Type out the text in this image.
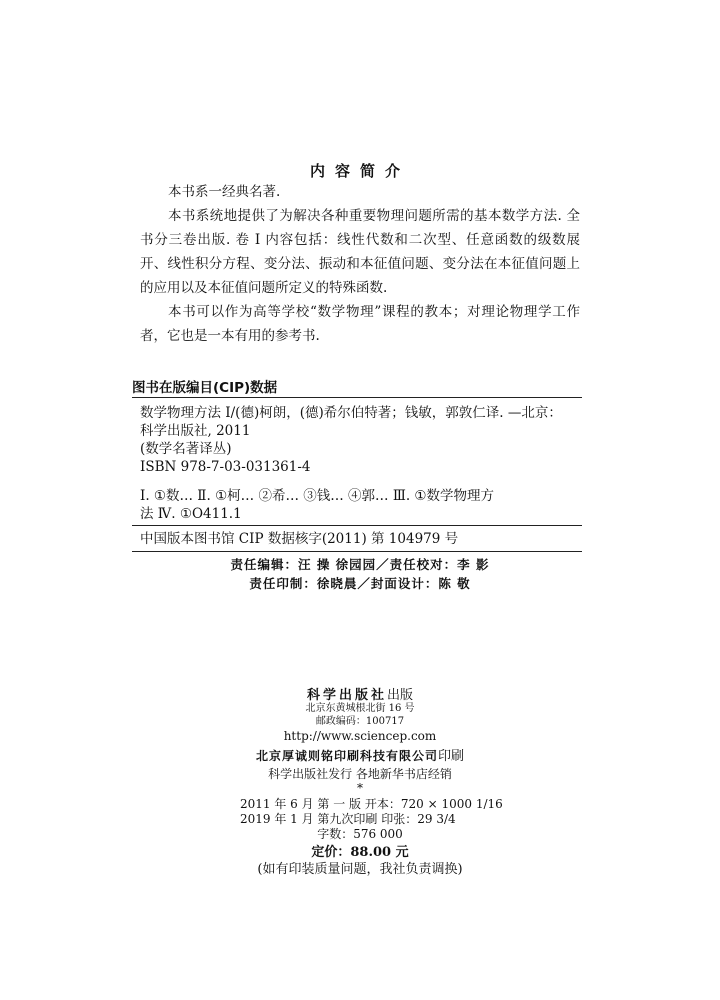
内容简介
本书系一经典名著.
本书系统地提供了为解决各种重要物理问题所需的基本数学方法. 全书分三卷出版. 卷 I 内容包括：线性代数和二次型、任意函数的级数展开、线性积分方程、变分法、振动和本征值问题、变分法在本征值问题上的应用以及本征值问题所定义的特殊函数.
本书可以作为高等学校“数学物理”课程的教本；对理论物理学工作者，它也是一本有用的参考书.
图书在版编目(CIP)数据
数学物理方法 I/(德)柯朗，(德)希尔伯特著；钱敏，郭敦仁译. —北京：
科学出版社, 2011
(数学名著译丛)
ISBN 978-7-03-031361-4
Ⅰ. ①数… Ⅱ. ①柯… ②希… ③钱… ④郭… Ⅲ. ①数学物理方
法 Ⅳ. ①O411.1
中国版本图书馆 CIP 数据核字(2011) 第 104979 号
责任编辑：汪 操 徐园园／责任校对：李 影
责任印制：徐晓晨／封面设计：陈 敬
科学出版社出版
北京东黄城根北街 16 号
邮政编码：100717
http://www.sciencep.com
北京厚诚则铭印刷科技有限公司印刷
科学出版社发行 各地新华书店经销
*
2011 年 6 月 第 一 版 开本：720 × 1000 1/16
2019 年 1 月 第九次印刷 印张：29 3/4
字数：576 000
定价：88.00 元
(如有印装质量问题，我社负责调换)
